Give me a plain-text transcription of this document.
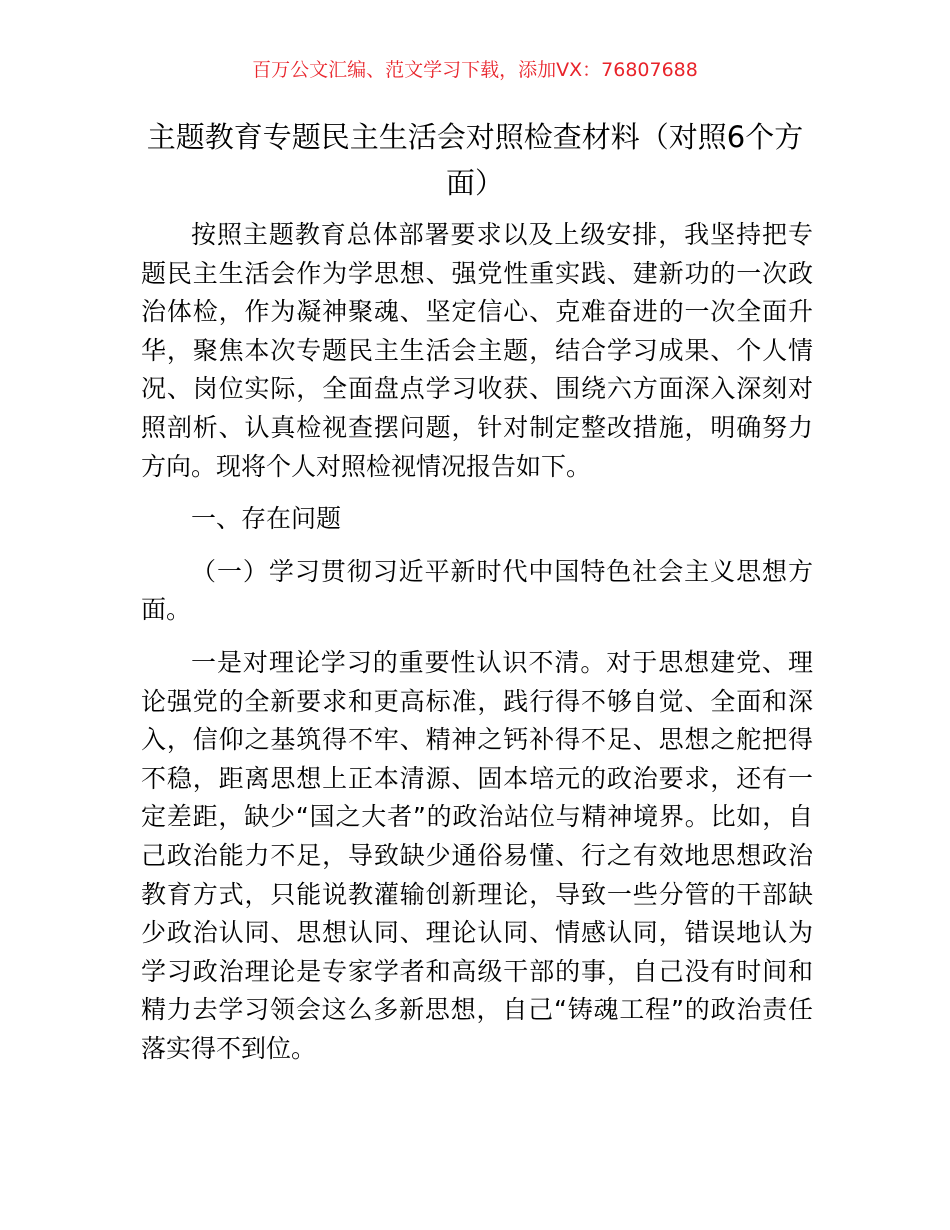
百万公文汇编、范文学习下载，添加VX：76807688
主题教育专题民主生活会对照检查材料（对照6个方面）

按照主题教育总体部署要求以及上级安排，我坚持把专题民主生活会作为学思想、强党性重实践、建新功的一次政治体检，作为凝神聚魂、坚定信心、克难奋进的一次全面升华，聚焦本次专题民主生活会主题，结合学习成果、个人情况、岗位实际，全面盘点学习收获、围绕六方面深入深刻对照剖析、认真检视查摆问题，针对制定整改措施，明确努力方向。现将个人对照检视情况报告如下。

一、存在问题

（一）学习贯彻习近平新时代中国特色社会主义思想方面。

一是对理论学习的重要性认识不清。对于思想建党、理论强党的全新要求和更高标准，践行得不够自觉、全面和深入，信仰之基筑得不牢、精神之钙补得不足、思想之舵把得不稳，距离思想上正本清源、固本培元的政治要求，还有一定差距，缺少“国之大者”的政治站位与精神境界。比如，自己政治能力不足，导致缺少通俗易懂、行之有效地思想政治教育方式，只能说教灌输创新理论，导致一些分管的干部缺少政治认同、思想认同、理论认同、情感认同，错误地认为学习政治理论是专家学者和高级干部的事，自己没有时间和精力去学习领会这么多新思想，自己“铸魂工程”的政治责任落实得不到位。
